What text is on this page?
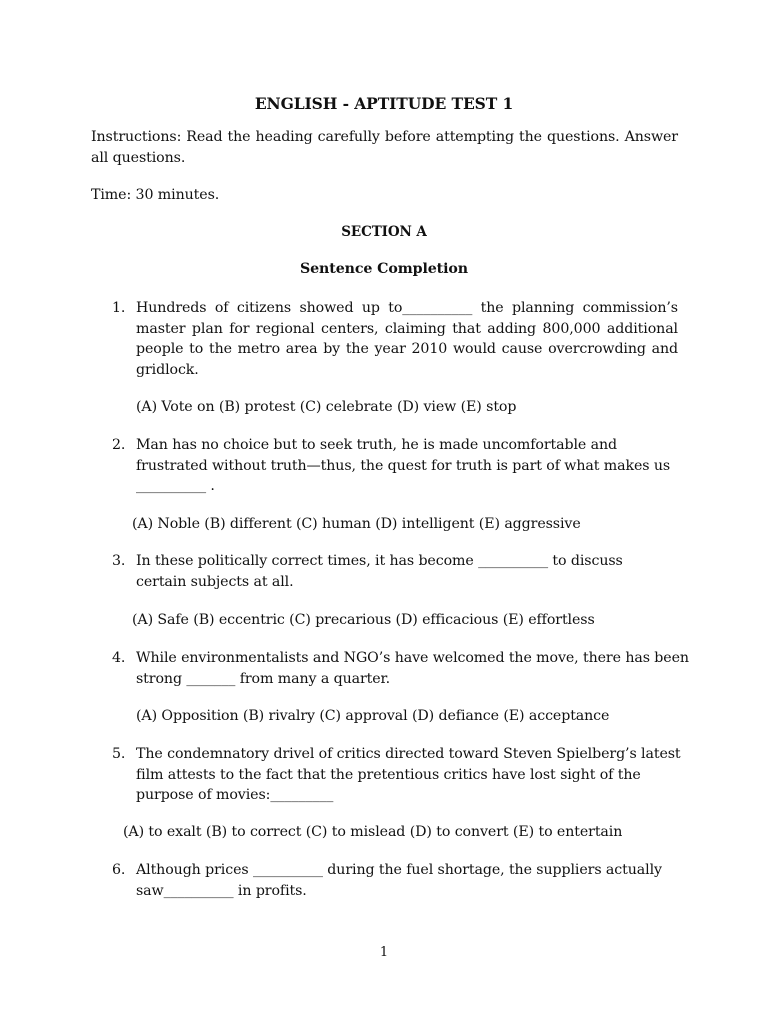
ENGLISH - APTITUDE TEST 1
Instructions: Read the heading carefully before attempting the questions. Answer all questions.
Time: 30 minutes.
SECTION A
Sentence Completion
1. Hundreds of citizens showed up to__________ the planning commission’s
master plan for regional centers, claiming that adding 800,000 additional
people to the metro area by the year 2010 would cause overcrowding and
gridlock.
(A) Vote on (B) protest (C) celebrate (D) view (E) stop
2. Man has no choice but to seek truth, he is made uncomfortable and
frustrated without truth—thus, the quest for truth is part of what makes us
__________ .
(A) Noble (B) different (C) human (D) intelligent (E) aggressive
3. In these politically correct times, it has become __________ to discuss
certain subjects at all.
(A) Safe (B) eccentric (C) precarious (D) efficacious (E) effortless
4. While environmentalists and NGO’s have welcomed the move, there has been
strong _______ from many a quarter.
(A) Opposition (B) rivalry (C) approval (D) defiance (E) acceptance
5. The condemnatory drivel of critics directed toward Steven Spielberg’s latest
film attests to the fact that the pretentious critics have lost sight of the
purpose of movies:_________
(A) to exalt (B) to correct (C) to mislead (D) to convert (E) to entertain
6. Although prices __________ during the fuel shortage, the suppliers actually
saw__________ in profits.
1
